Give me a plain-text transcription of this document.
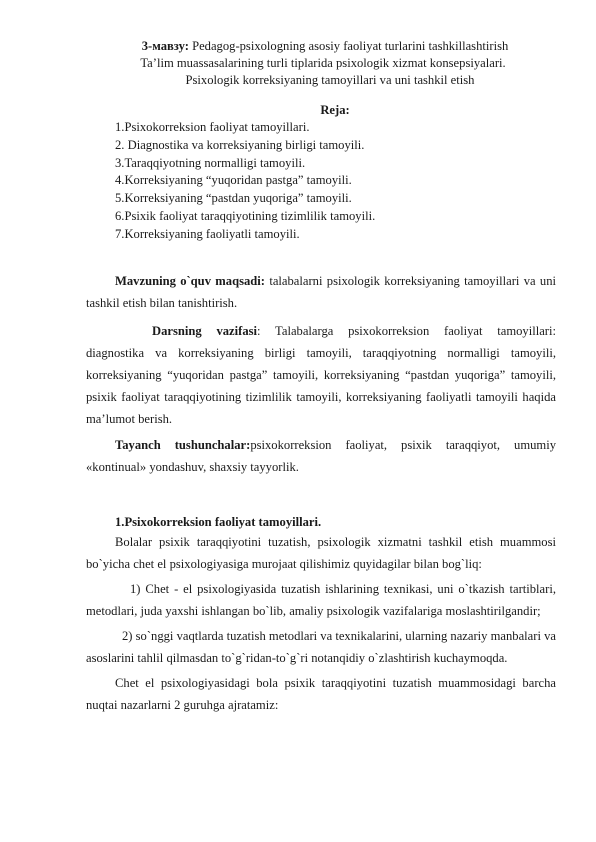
3-мавзу: Pedagog-psixologning asosiy faoliyat turlarini tashkillashtirish
Ta’lim muassasalarining turli tiplarida psixologik xizmat konsepsiyalari.
Psixologik korreksiyaning tamoyillari va uni tashkil etish
Reja:
1.Psixokorreksion faoliyat tamoyillari.
2. Diagnostika va korreksiyaning birligi tamoyili.
3.Taraqqiyotning normalligi tamoyili.
4.Korreksiyaning “yuqoridan pastga” tamoyili.
5.Korreksiyaning “pastdan yuqoriga” tamoyili.
6.Psixik faoliyat taraqqiyotining tizimlilik tamoyili.
7.Korreksiyaning faoliyatli tamoyili.

Mavzuning o`quv maqsadi: talabalarni psixologik korreksiyaning tamoyillari va uni tashkil etish bilan tanishtirish.

Darsning vazifasi: Talabalarga psixokorreksion faoliyat tamoyillari: diagnostika va korreksiyaning birligi tamoyili, taraqqiyotning normalligi tamoyili, korreksiyaning “yuqoridan pastga” tamoyili, korreksiyaning “pastdan yuqoriga” tamoyili, psixik faoliyat taraqqiyotining tizimlilik tamoyili, korreksiyaning faoliyatli tamoyili haqida ma’lumot berish.

Tayanch tushunchalar:psixokorreksion faoliyat, psixik taraqqiyot, umumiy «kontinual» yondashuv, shaxsiy tayyorlik.

1.Psixokorreksion faoliyat tamoyillari.

Bolalar psixik taraqqiyotini tuzatish, psixologik xizmatni tashkil etish muammosi bo`yicha chet el psixologiyasiga murojaat qilishimiz quyidagilar bilan bog`liq:

1) Chet - el psixologiyasida tuzatish ishlarining texnikasi, uni o`tkazish tartiblari, metodlari, juda yaxshi ishlangan bo`lib, amaliy psixologik vazifalariga moslashtirilgandir;

2) so`nggi vaqtlarda tuzatish metodlari va texnikalarini, ularning nazariy manbalari va asoslarini tahlil qilmasdan to`g`ridan-to`g`ri notanqidiy o`zlashtirish kuchaymoqda.

Chet el psixologiyasidagi bola psixik taraqqiyotini tuzatish muammosidagi barcha nuqtai nazarlarni 2 guruhga ajratamiz:
